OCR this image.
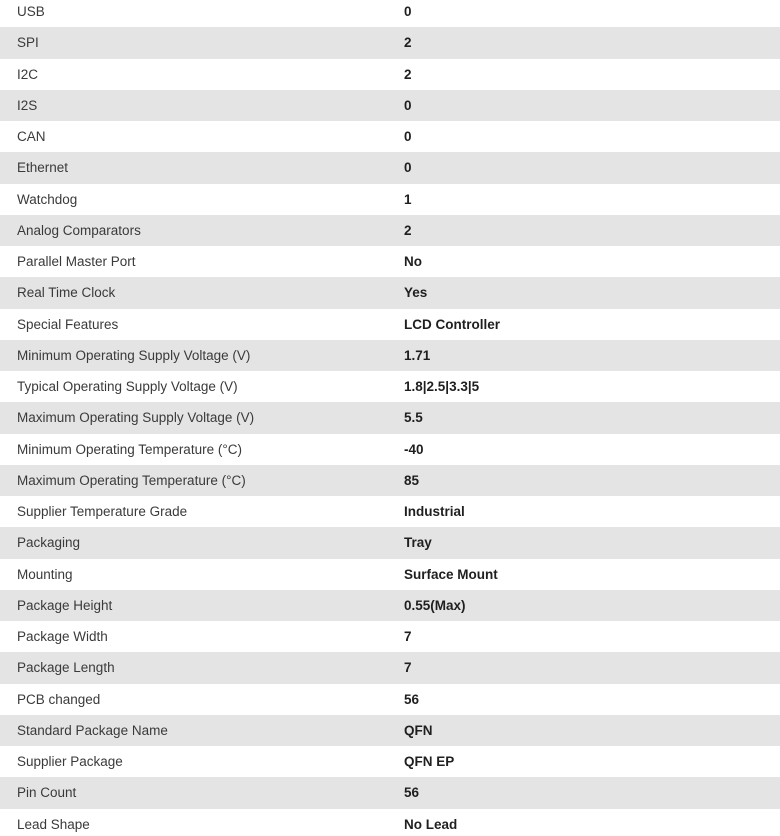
USB	0
SPI	2
I2C	2
I2S	0
CAN	0
Ethernet	0
Watchdog	1
Analog Comparators	2
Parallel Master Port	No
Real Time Clock	Yes
Special Features	LCD Controller
Minimum Operating Supply Voltage (V)	1.71
Typical Operating Supply Voltage (V)	1.8|2.5|3.3|5
Maximum Operating Supply Voltage (V)	5.5
Minimum Operating Temperature (°C)	-40
Maximum Operating Temperature (°C)	85
Supplier Temperature Grade	Industrial
Packaging	Tray
Mounting	Surface Mount
Package Height	0.55(Max)
Package Width	7
Package Length	7
PCB changed	56
Standard Package Name	QFN
Supplier Package	QFN EP
Pin Count	56
Lead Shape	No Lead
